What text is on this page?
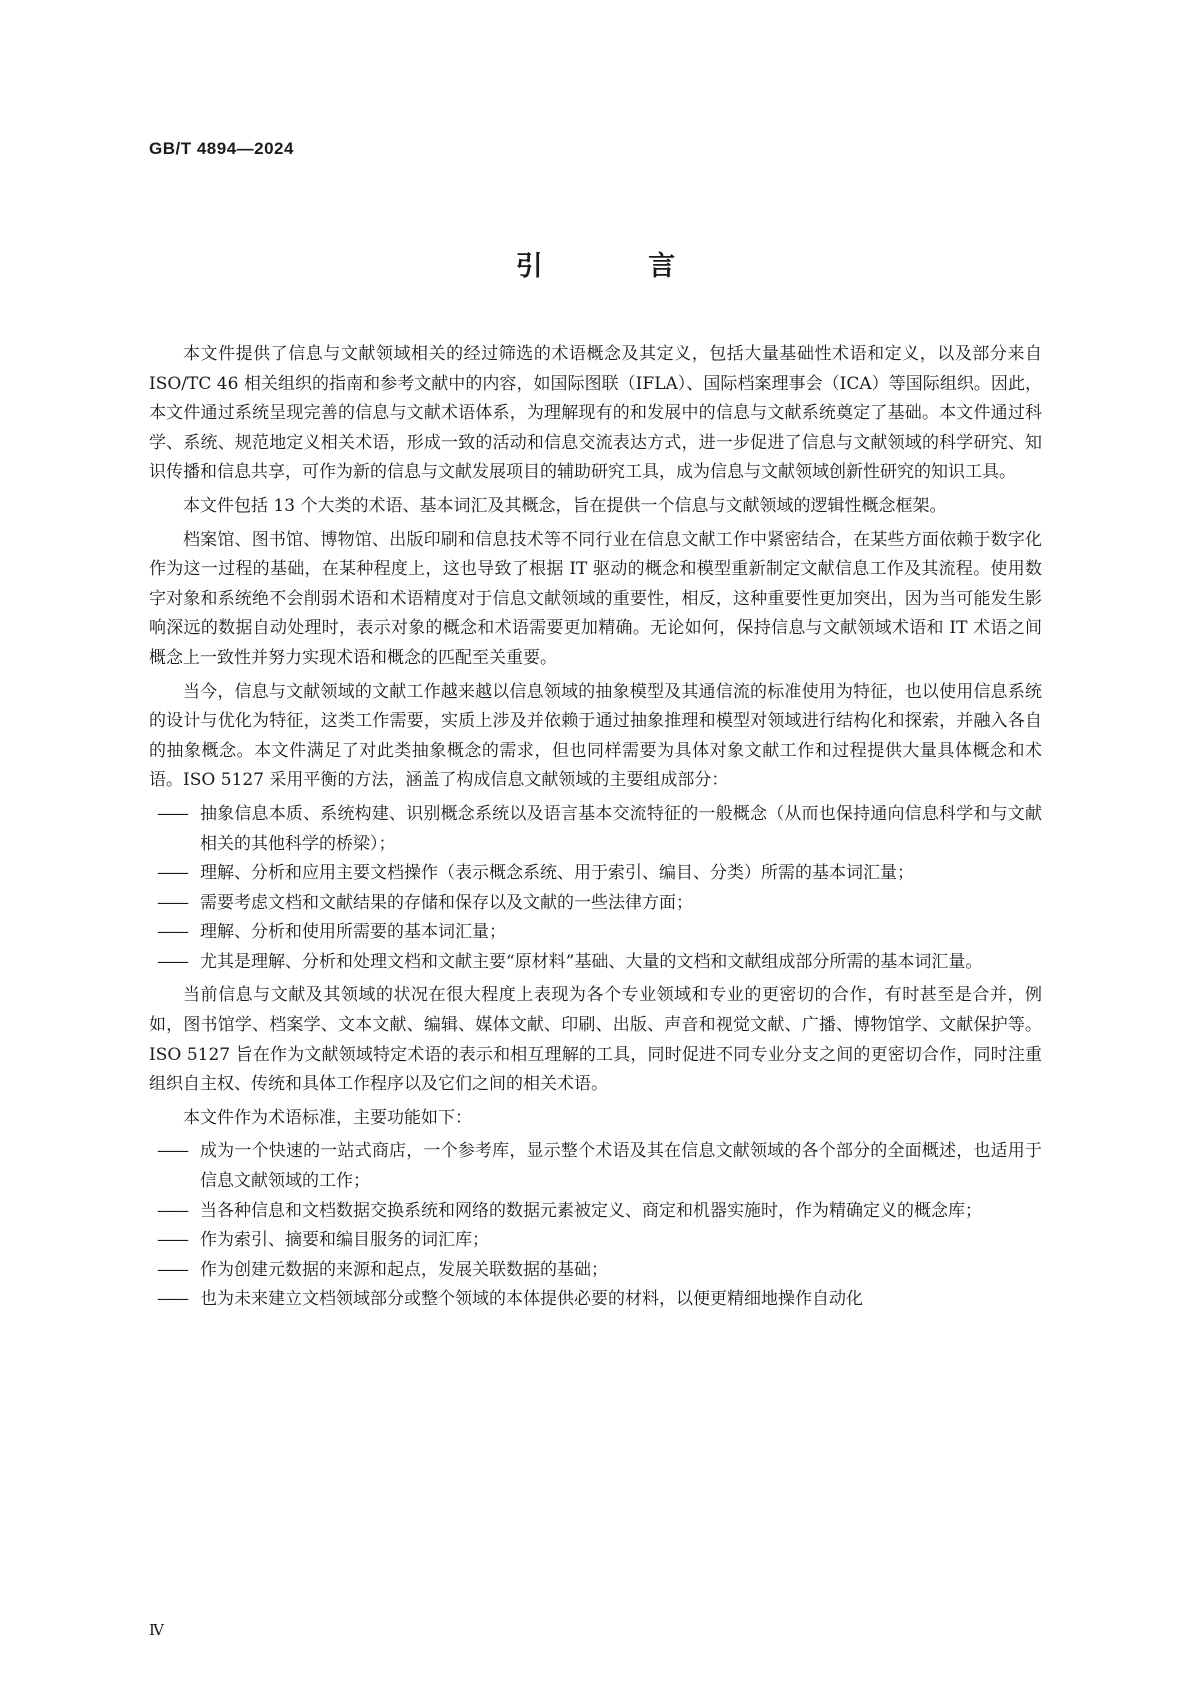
GB/T 4894—2024
引 言

本文件提供了信息与文献领域相关的经过筛选的术语概念及其定义，包括大量基础性术语和定义，以及部分来自 ISO/TC 46 相关组织的指南和参考文献中的内容，如国际图联（IFLA）、国际档案理事会（ICA）等国际组织。因此，本文件通过系统呈现完善的信息与文献术语体系，为理解现有的和发展中的信息与文献系统奠定了基础。本文件通过科学、系统、规范地定义相关术语，形成一致的活动和信息交流表达方式，进一步促进了信息与文献领域的科学研究、知识传播和信息共享，可作为新的信息与文献发展项目的辅助研究工具，成为信息与文献领域创新性研究的知识工具。

本文件包括 13 个大类的术语、基本词汇及其概念，旨在提供一个信息与文献领域的逻辑性概念框架。

档案馆、图书馆、博物馆、出版印刷和信息技术等不同行业在信息文献工作中紧密结合，在某些方面依赖于数字化作为这一过程的基础，在某种程度上，这也导致了根据 IT 驱动的概念和模型重新制定文献信息工作及其流程。使用数字对象和系统绝不会削弱术语和术语精度对于信息文献领域的重要性，相反，这种重要性更加突出，因为当可能发生影响深远的数据自动处理时，表示对象的概念和术语需要更加精确。无论如何，保持信息与文献领域术语和 IT 术语之间概念上一致性并努力实现术语和概念的匹配至关重要。

当今，信息与文献领域的文献工作越来越以信息领域的抽象模型及其通信流的标准使用为特征，也以使用信息系统的设计与优化为特征，这类工作需要，实质上涉及并依赖于通过抽象推理和模型对领域进行结构化和探索，并融入各自的抽象概念。本文件满足了对此类抽象概念的需求，但也同样需要为具体对象文献工作和过程提供大量具体概念和术语。ISO 5127 采用平衡的方法，涵盖了构成信息文献领域的主要组成部分：

—— 抽象信息本质、系统构建、识别概念系统以及语言基本交流特征的一般概念（从而也保持通向信息科学和与文献相关的其他科学的桥梁）；
—— 理解、分析和应用主要文档操作（表示概念系统、用于索引、编目、分类）所需的基本词汇量；
—— 需要考虑文档和文献结果的存储和保存以及文献的一些法律方面；
—— 理解、分析和使用所需要的基本词汇量；
—— 尤其是理解、分析和处理文档和文献主要“原材料”基础、大量的文档和文献组成部分所需的基本词汇量。

当前信息与文献及其领域的状况在很大程度上表现为各个专业领域和专业的更密切的合作，有时甚至是合并，例如，图书馆学、档案学、文本文献、编辑、媒体文献、印刷、出版、声音和视觉文献、广播、博物馆学、文献保护等。ISO 5127 旨在作为文献领域特定术语的表示和相互理解的工具，同时促进不同专业分支之间的更密切合作，同时注重组织自主权、传统和具体工作程序以及它们之间的相关术语。

本文件作为术语标准，主要功能如下：

—— 成为一个快速的一站式商店，一个参考库，显示整个术语及其在信息文献领域的各个部分的全面概述，也适用于信息文献领域的工作；
—— 当各种信息和文档数据交换系统和网络的数据元素被定义、商定和机器实施时，作为精确定义的概念库；
—— 作为索引、摘要和编目服务的词汇库；
—— 作为创建元数据的来源和起点，发展关联数据的基础；
—— 也为未来建立文档领域部分或整个领域的本体提供必要的材料，以便更精细地操作自动化
Ⅳ
